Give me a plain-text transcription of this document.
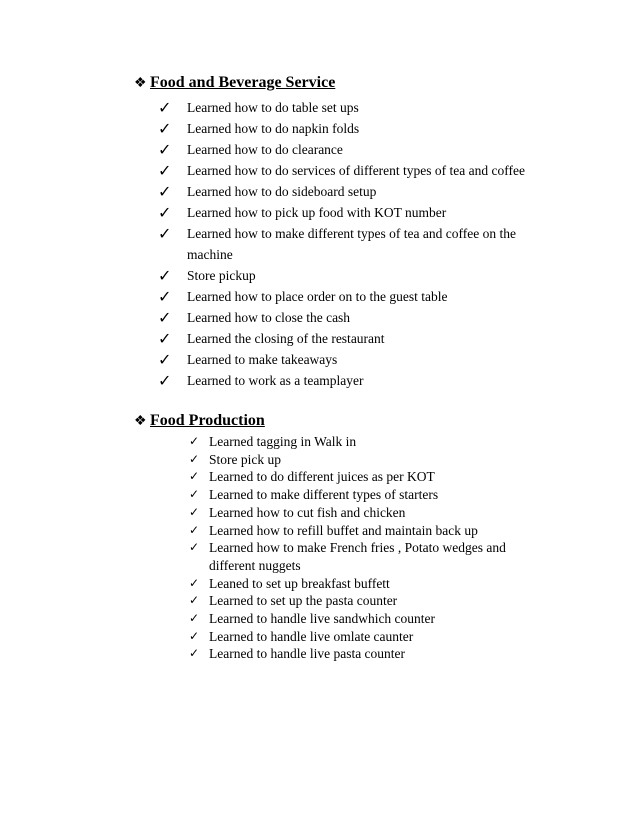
❖ Food and Beverage Service
✓ Learned how to do table set ups
✓ Learned how to do napkin folds
✓ Learned how to do clearance
✓ Learned how to do services of different types of tea and coffee
✓ Learned how to do sideboard setup
✓ Learned how to pick up food with KOT number
✓ Learned how to make different types of tea and coffee on the
machine
✓ Store pickup
✓ Learned how to place order on to the guest table
✓ Learned how to close the cash
✓ Learned the closing of the restaurant
✓ Learned to make takeaways
✓ Learned to work as a teamplayer
❖ Food Production
✓ Learned tagging in Walk in
✓ Store pick up
✓ Learned to do different juices as per KOT
✓ Learned to make different types of starters
✓ Learned how to cut fish and chicken
✓ Learned how to refill buffet and maintain back up
✓ Learned how to make French fries , Potato wedges and
different nuggets
✓ Leaned to set up breakfast buffett
✓ Learned to set up the pasta counter
✓ Learned to handle live sandwhich counter
✓ Learned to handle live omlate caunter
✓ Learned to handle live pasta counter
